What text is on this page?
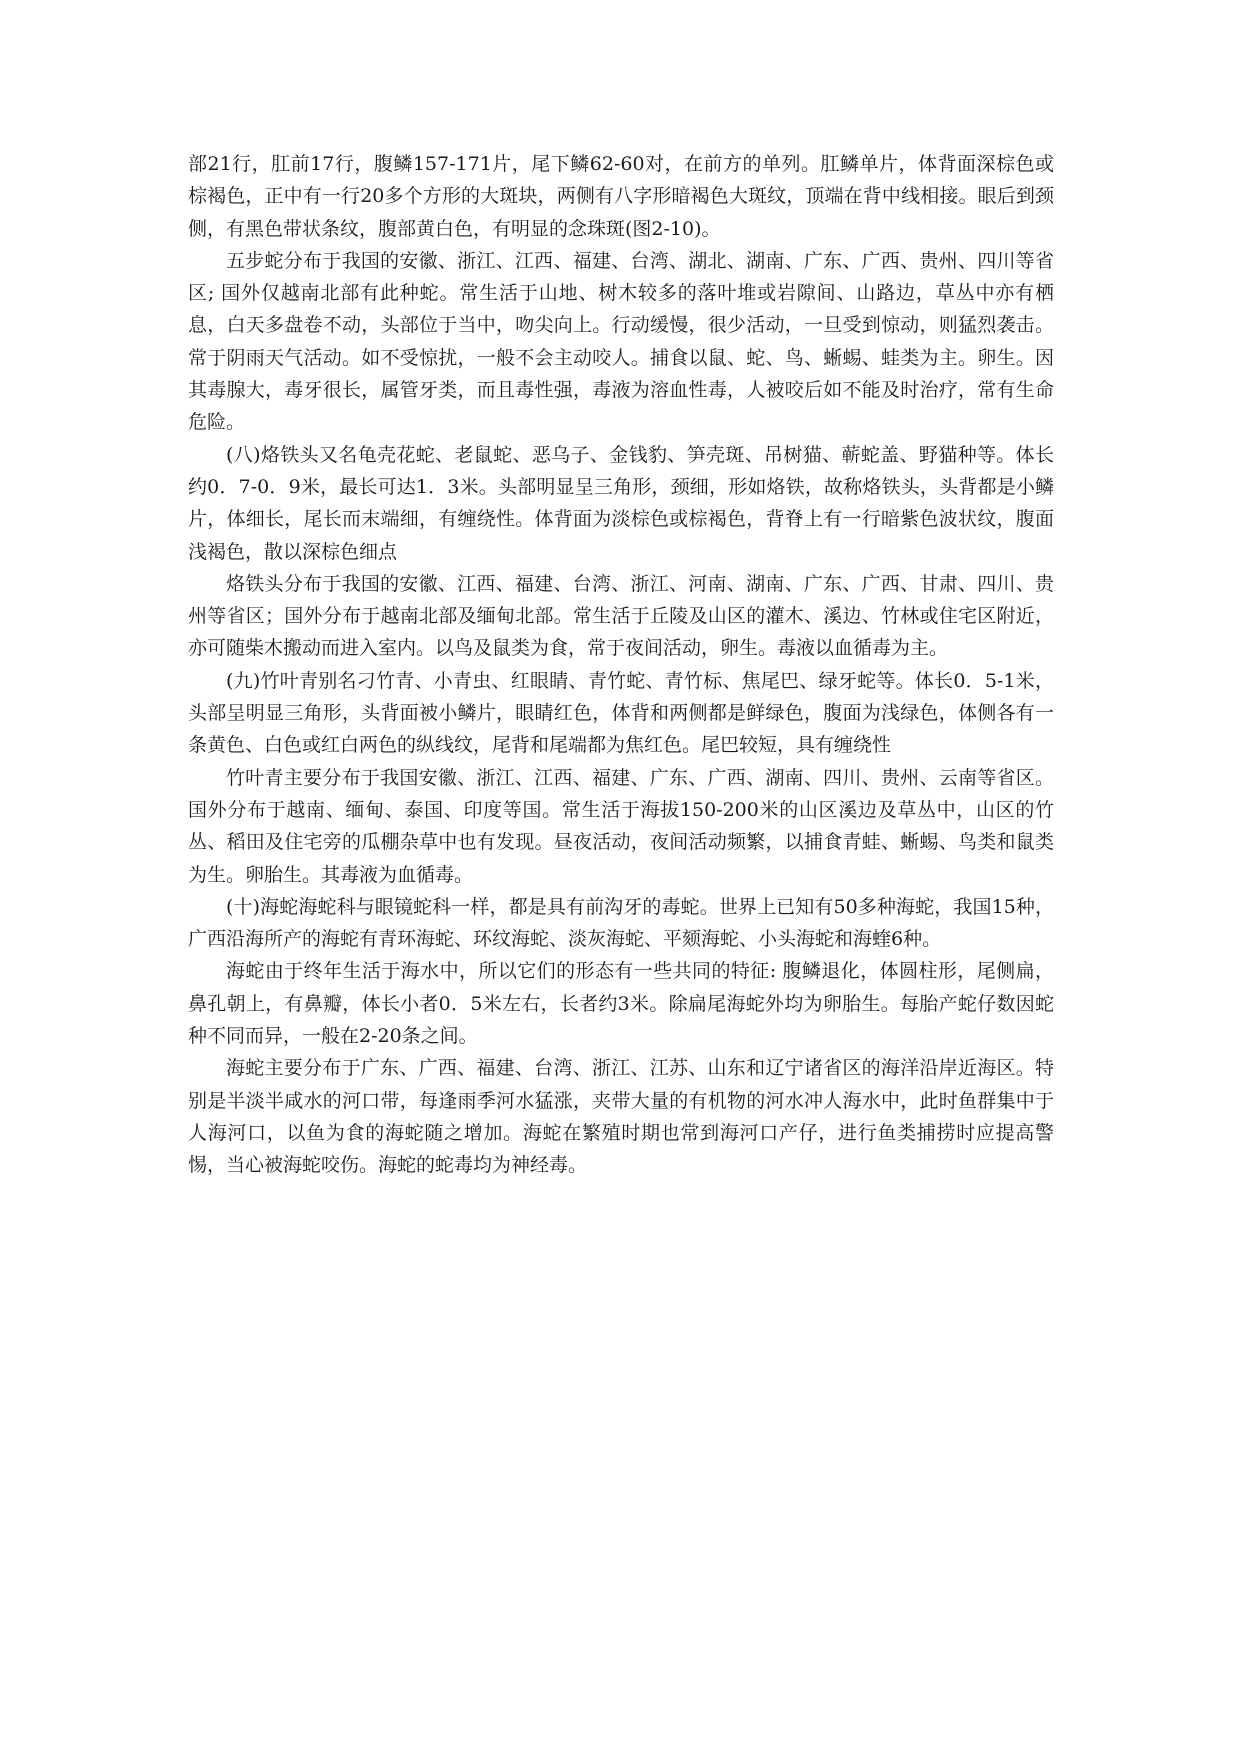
部21行，肛前17行，腹鳞157-171片，尾下鳞62-60对，在前方的单列。肛鳞单片，体背面深棕色或棕褐色，正中有一行20多个方形的大斑块，两侧有八字形暗褐色大斑纹，顶端在背中线相接。眼后到颈侧，有黑色带状条纹，腹部黄白色，有明显的念珠斑(图2-10)。

五步蛇分布于我国的安徽、浙江、江西、福建、台湾、湖北、湖南、广东、广西、贵州、四川等省区; 国外仅越南北部有此种蛇。常生活于山地、树木较多的落叶堆或岩隙间、山路边，草丛中亦有栖息，白天多盘卷不动，头部位于当中，吻尖向上。行动缓慢，很少活动，一旦受到惊动，则猛烈袭击。常于阴雨天气活动。如不受惊扰，一般不会主动咬人。捕食以鼠、蛇、鸟、蜥蜴、蛙类为主。卵生。因其毒腺大，毒牙很长，属管牙类，而且毒性强，毒液为溶血性毒，人被咬后如不能及时治疗，常有生命危险。

(八)烙铁头又名龟壳花蛇、老鼠蛇、恶乌子、金钱豹、笋壳斑、吊树猫、蕲蛇盖、野猫种等。体长约0．7-0．9米，最长可达1．3米。头部明显呈三角形，颈细，形如烙铁，故称烙铁头，头背都是小鳞片，体细长，尾长而末端细，有缠绕性。体背面为淡棕色或棕褐色，背脊上有一行暗紫色波状纹，腹面浅褐色，散以深棕色细点

烙铁头分布于我国的安徽、江西、福建、台湾、浙江、河南、湖南、广东、广西、甘肃、四川、贵州等省区；国外分布于越南北部及缅甸北部。常生活于丘陵及山区的灌木、溪边、竹林或住宅区附近，亦可随柴木搬动而进入室内。以鸟及鼠类为食，常于夜间活动，卵生。毒液以血循毒为主。

(九)竹叶青别名刁竹青、小青虫、红眼睛、青竹蛇、青竹标、焦尾巴、绿牙蛇等。体长0．5-1米，头部呈明显三角形，头背面被小鳞片，眼睛红色，体背和两侧都是鲜绿色，腹面为浅绿色，体侧各有一条黄色、白色或红白两色的纵线纹，尾背和尾端都为焦红色。尾巴较短，具有缠绕性

竹叶青主要分布于我国安徽、浙江、江西、福建、广东、广西、湖南、四川、贵州、云南等省区。国外分布于越南、缅甸、泰国、印度等国。常生活于海拔150-200米的山区溪边及草丛中，山区的竹丛、稻田及住宅旁的瓜棚杂草中也有发现。昼夜活动，夜间活动频繁，以捕食青蛙、蜥蜴、鸟类和鼠类为生。卵胎生。其毒液为血循毒。

(十)海蛇海蛇科与眼镜蛇科一样，都是具有前沟牙的毒蛇。世界上已知有50多种海蛇，我国15种，广西沿海所产的海蛇有青环海蛇、环纹海蛇、淡灰海蛇、平颏海蛇、小头海蛇和海蝰6种。

海蛇由于终年生活于海水中，所以它们的形态有一些共同的特征: 腹鳞退化，体圆柱形，尾侧扁，鼻孔朝上，有鼻瓣，体长小者0．5米左右，长者约3米。除扁尾海蛇外均为卵胎生。每胎产蛇仔数因蛇种不同而异，一般在2-20条之间。

海蛇主要分布于广东、广西、福建、台湾、浙江、江苏、山东和辽宁诸省区的海洋沿岸近海区。特别是半淡半咸水的河口带，每逢雨季河水猛涨，夹带大量的有机物的河水冲人海水中，此时鱼群集中于人海河口，以鱼为食的海蛇随之增加。海蛇在繁殖时期也常到海河口产仔，进行鱼类捕捞时应提高警惕，当心被海蛇咬伤。海蛇的蛇毒均为神经毒。
